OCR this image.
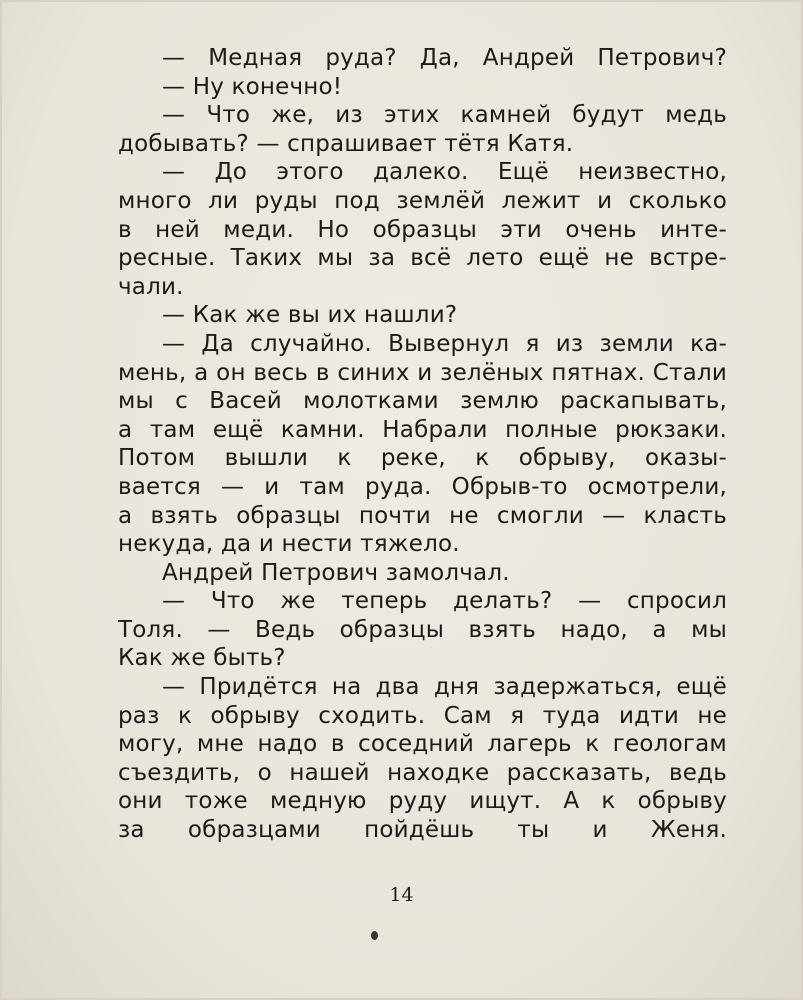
— Медная руда? Да, Андрей Петрович?
— Ну конечно!
— Что же, из этих камней будут медь
добывать? — спрашивает тётя Катя.
— До этого далеко. Ещё неизвестно,
много ли руды под землёй лежит и сколько
в ней меди. Но образцы эти очень инте-
ресные. Таких мы за всё лето ещё не встре-
чали.
— Как же вы их нашли?
— Да случайно. Вывернул я из земли ка-
мень, а он весь в синих и зелёных пятнах. Стали
мы с Васей молотками землю раскапывать,
а там ещё камни. Набрали полные рюкзаки.
Потом вышли к реке, к обрыву, оказы-
вается — и там руда. Обрыв-то осмотрели,
а взять образцы почти не смогли — класть
некуда, да и нести тяжело.
Андрей Петрович замолчал.
— Что же теперь делать? — спросил
Толя. — Ведь образцы взять надо, а мы
Как же быть?
— Придётся на два дня задержаться, ещё
раз к обрыву сходить. Сам я туда идти не
могу, мне надо в соседний лагерь к геологам
съездить, о нашей находке рассказать, ведь
они тоже медную руду ищут. А к обрыву
за образцами пойдёшь ты и Женя.
14
